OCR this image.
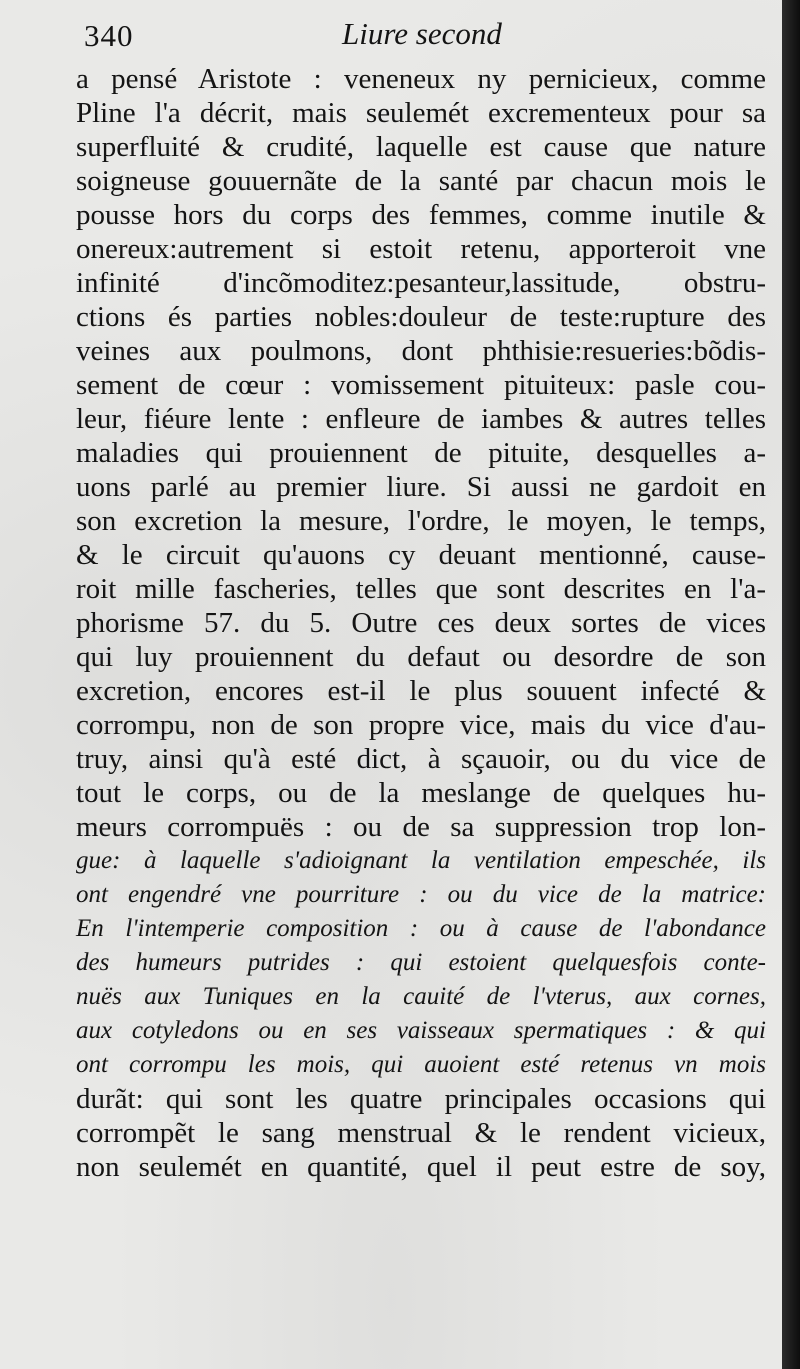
340	Liure second
a pensé Aristote : veneneux ny pernicieux, comme
Pline l'a décrit, mais seulemét excrementeux pour sa
superfluité & crudité, laquelle est cause que nature
soigneuse gouuernãte de la santé par chacun mois le
pousse hors du corps des femmes, comme inutile &
onereux:autrement si estoit retenu, apporteroit vne
infinité d'incõmoditez:pesanteur,lassitude, obstru-
ctions és parties nobles:douleur de teste:rupture des
veines aux poulmons, dont phthisie:resueries:bõdis-
sement de cœur : vomissement pituiteux: pasle cou-
leur, fiéure lente : enfleure de iambes & autres telles
maladies qui prouiennent de pituite, desquelles a-
uons parlé au premier liure. Si aussi ne gardoit en
son excretion la mesure, l'ordre, le moyen, le temps,
& le circuit qu'auons cy deuant mentionné, cause-
roit mille fascheries, telles que sont descrites en l'a-
phorisme 57. du 5. Outre ces deux sortes de vices
qui luy prouiennent du defaut ou desordre de son
excretion, encores est-il le plus souuent infecté &
corrompu, non de son propre vice, mais du vice d'au-
truy, ainsi qu'à esté dict, à sçauoir, ou du vice de
tout le corps, ou de la meslange de quelques hu-
meurs corrompuës : ou de sa suppression trop lon-
gue: à laquelle s'adioignant la ventilation empeschée, ils
ont engendré vne pourriture : ou du vice de la matrice:
En l'intemperie composition : ou à cause de l'abondance
des humeurs putrides : qui estoient quelquesfois conte-
nuës aux Tuniques en la cauité de l'vterus, aux cornes,
aux cotyledons ou en ses vaisseaux spermatiques : & qui
ont corrompu les mois, qui auoient esté retenus vn mois
durãt: qui sont les quatre principales occasions qui
corrompẽt le sang menstrual & le rendent vicieux,
non seulemét en quantité, quel il peut estre de soy,
